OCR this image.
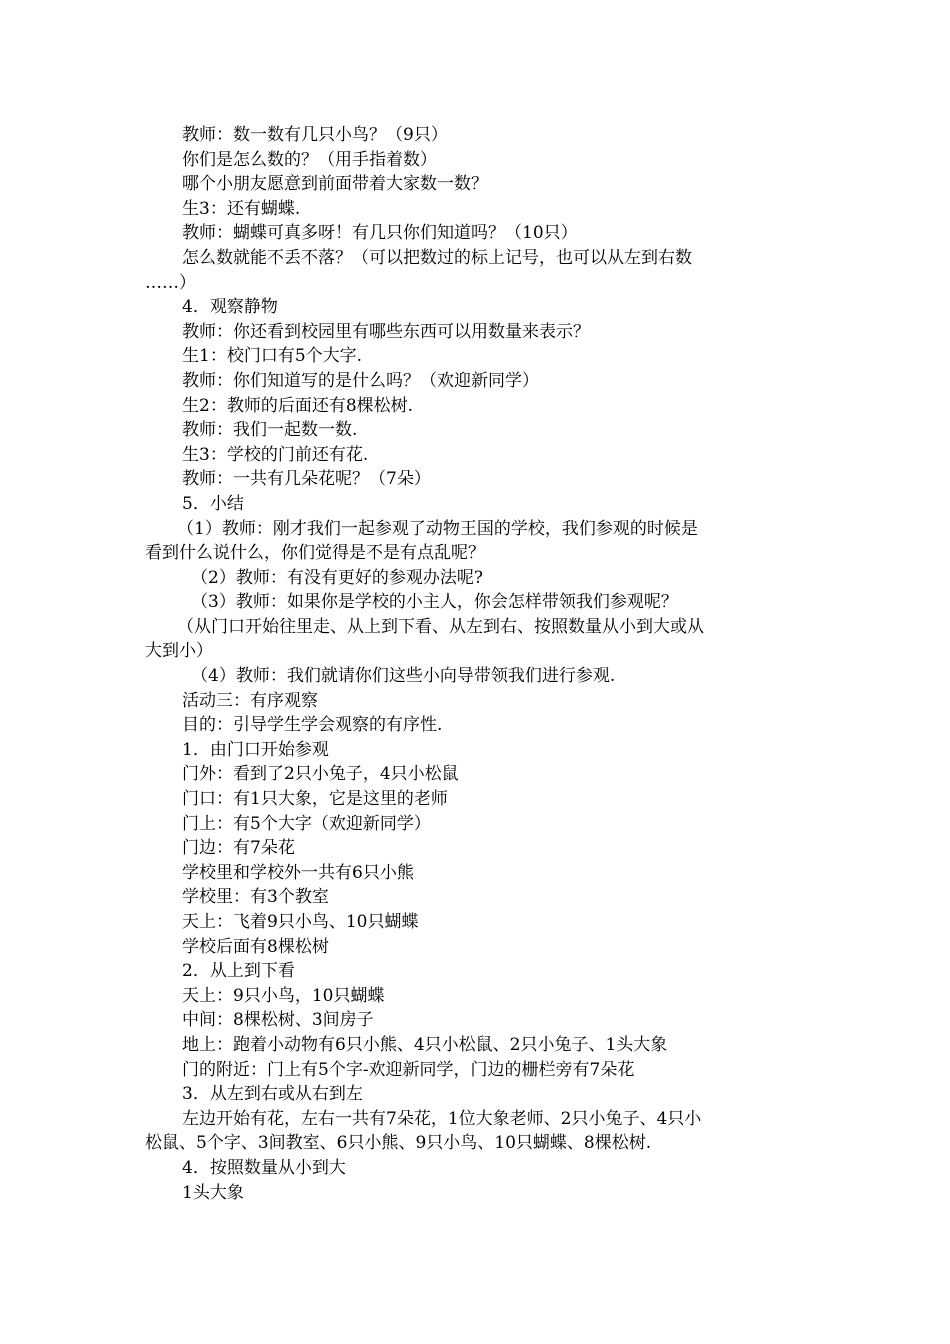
教师：数一数有几只小鸟？（9只）
你们是怎么数的？（用手指着数）
哪个小朋友愿意到前面带着大家数一数？
生3：还有蝴蝶.
教师：蝴蝶可真多呀！有几只你们知道吗？（10只）
怎么数就能不丢不落？（可以把数过的标上记号，也可以从左到右数
……）
4．观察静物
教师：你还看到校园里有哪些东西可以用数量来表示？
生1：校门口有5个大字.
教师：你们知道写的是什么吗？（欢迎新同学）
生2：教师的后面还有8棵松树.
教师：我们一起数一数.
生3：学校的门前还有花.
教师：一共有几朵花呢？（7朵）
5．小结
（1）教师：刚才我们一起参观了动物王国的学校，我们参观的时候是
看到什么说什么，你们觉得是不是有点乱呢？
（2）教师：有没有更好的参观办法呢?
（3）教师：如果你是学校的小主人，你会怎样带领我们参观呢？
（从门口开始往里走、从上到下看、从左到右、按照数量从小到大或从
大到小）
（4）教师：我们就请你们这些小向导带领我们进行参观.
活动三：有序观察
目的：引导学生学会观察的有序性.
1．由门口开始参观
门外：看到了2只小兔子，4只小松鼠
门口：有1只大象，它是这里的老师
门上：有5个大字（欢迎新同学）
门边：有7朵花
学校里和学校外一共有6只小熊
学校里：有3个教室
天上：飞着9只小鸟、10只蝴蝶
学校后面有8棵松树
2．从上到下看
天上：9只小鸟，10只蝴蝶
中间：8棵松树、3间房子
地上：跑着小动物有6只小熊、4只小松鼠、2只小兔子、1头大象
门的附近：门上有5个字-欢迎新同学，门边的栅栏旁有7朵花
3．从左到右或从右到左
左边开始有花，左右一共有7朵花，1位大象老师、2只小兔子、4只小
松鼠、5个字、3间教室、6只小熊、9只小鸟、10只蝴蝶、8棵松树.
4．按照数量从小到大
1头大象
